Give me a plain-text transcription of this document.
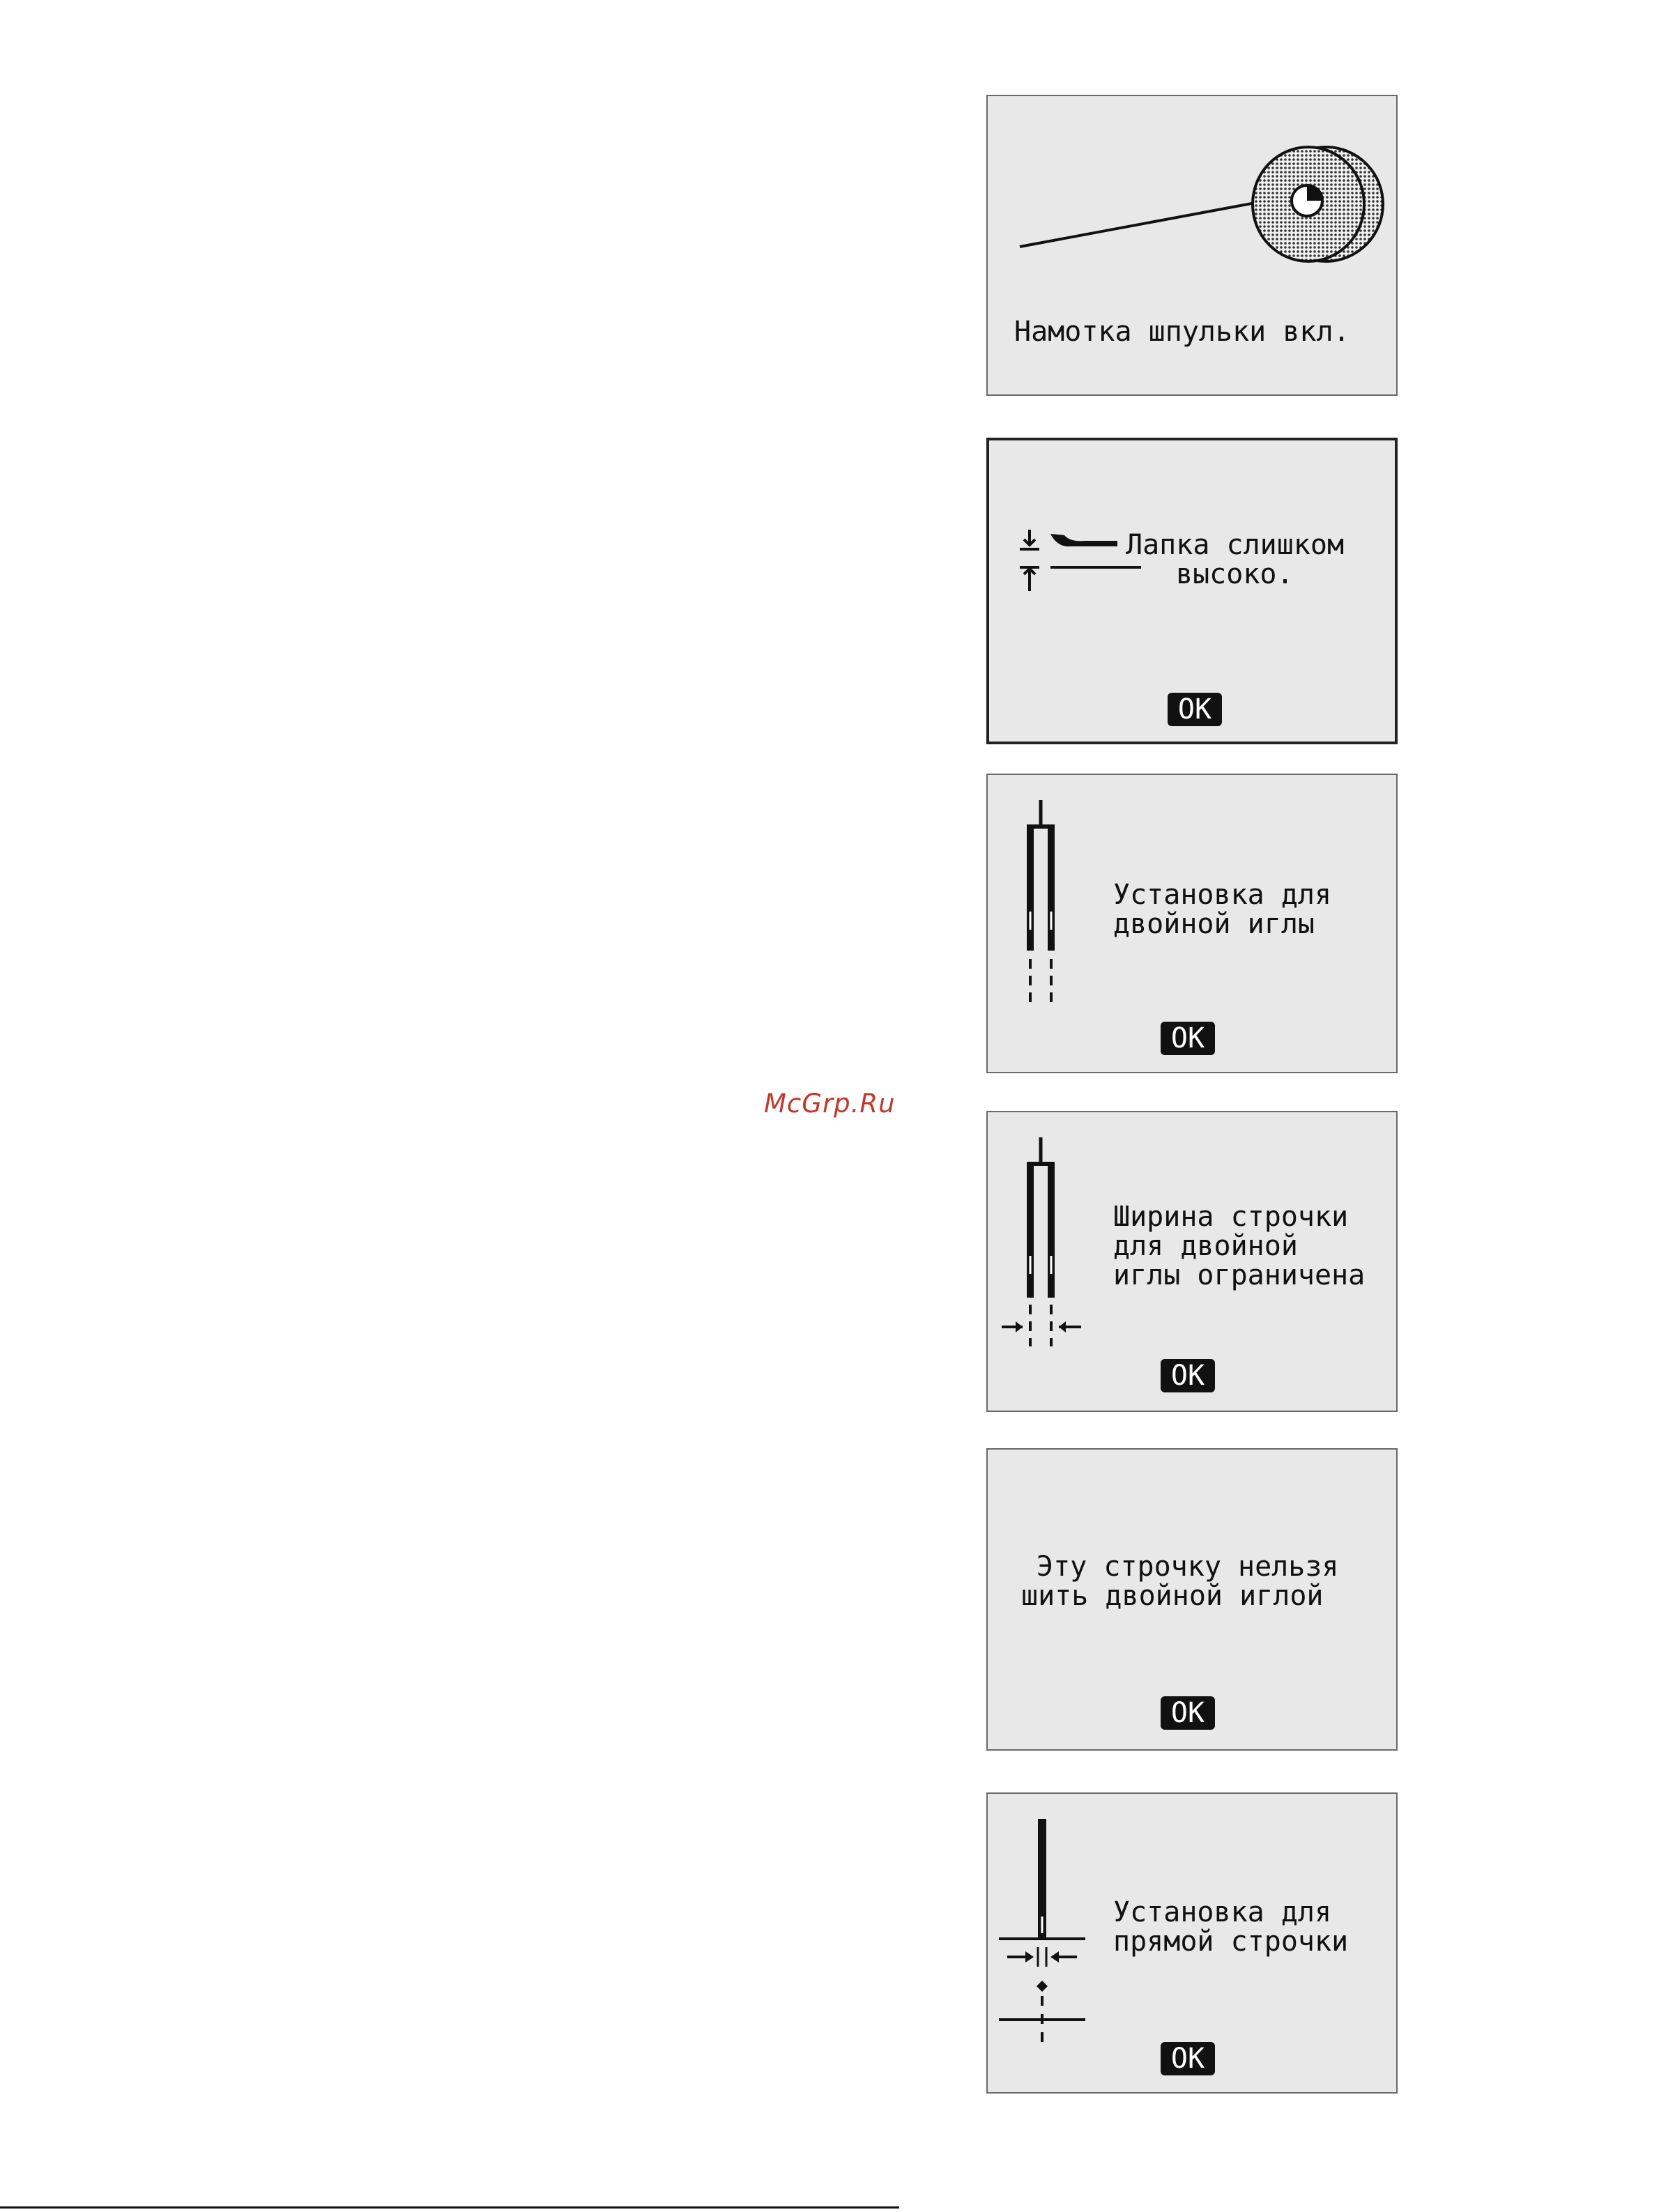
Намотка шпульки вкл.
Лапка слишком
высоко.
OK
Установка для
двойной иглы
OK
Ширина строчки
для двойной
иглы ограничена
OK
Эту строчку нельзя
шить двойной иглой
OK
Установка для
прямой строчки
OK
McGrp.Ru
